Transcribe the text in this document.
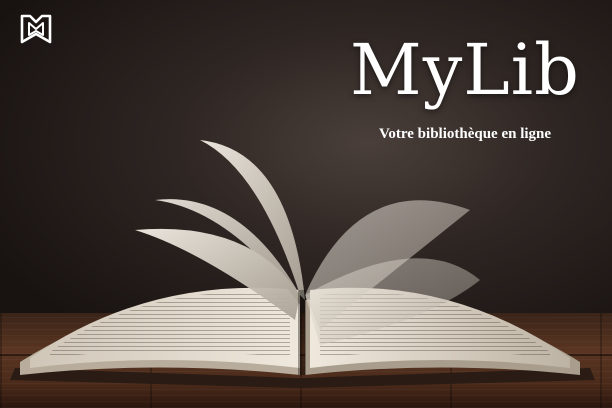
MyLib
Votre bibliothèque en ligne
